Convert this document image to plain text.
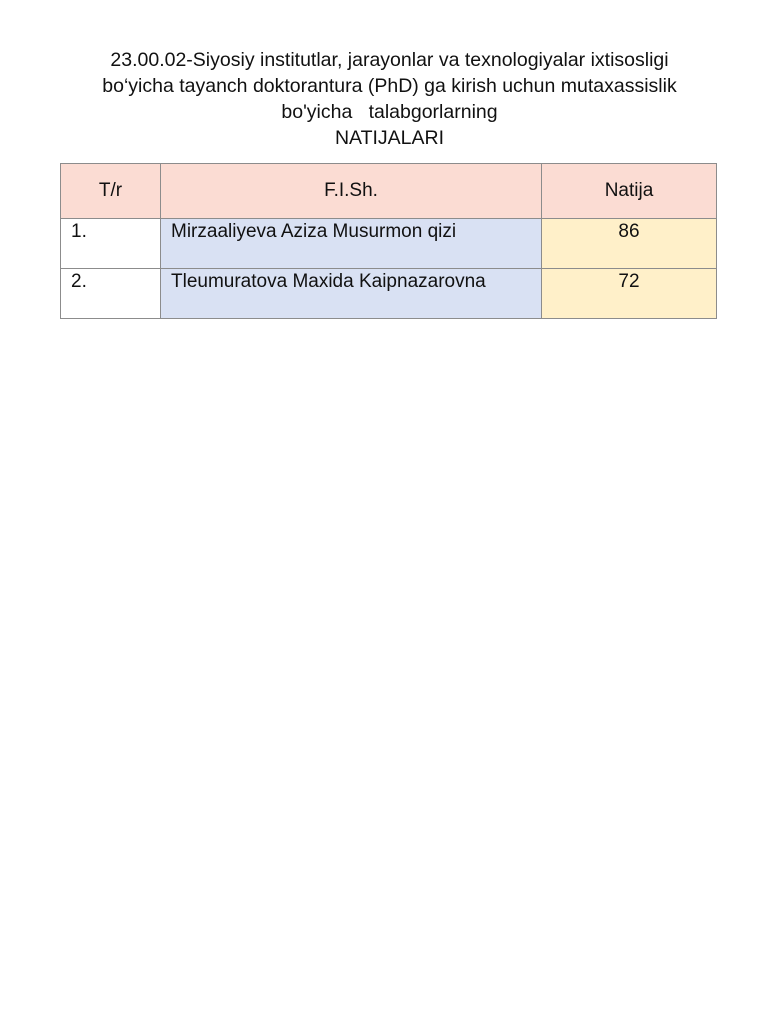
23.00.02-Siyosiy institutlar, jarayonlar va texnologiyalar ixtisosligi
bo‘yicha tayanch doktorantura (PhD) ga kirish uchun mutaxassislik
bo'yicha   talabgorlarning
NATIJALARI
T/r	F.I.Sh.	Natija
1.	Mirzaaliyeva Aziza Musurmon qizi	86
2.	Tleumuratova Maxida Kaipnazarovna	72
